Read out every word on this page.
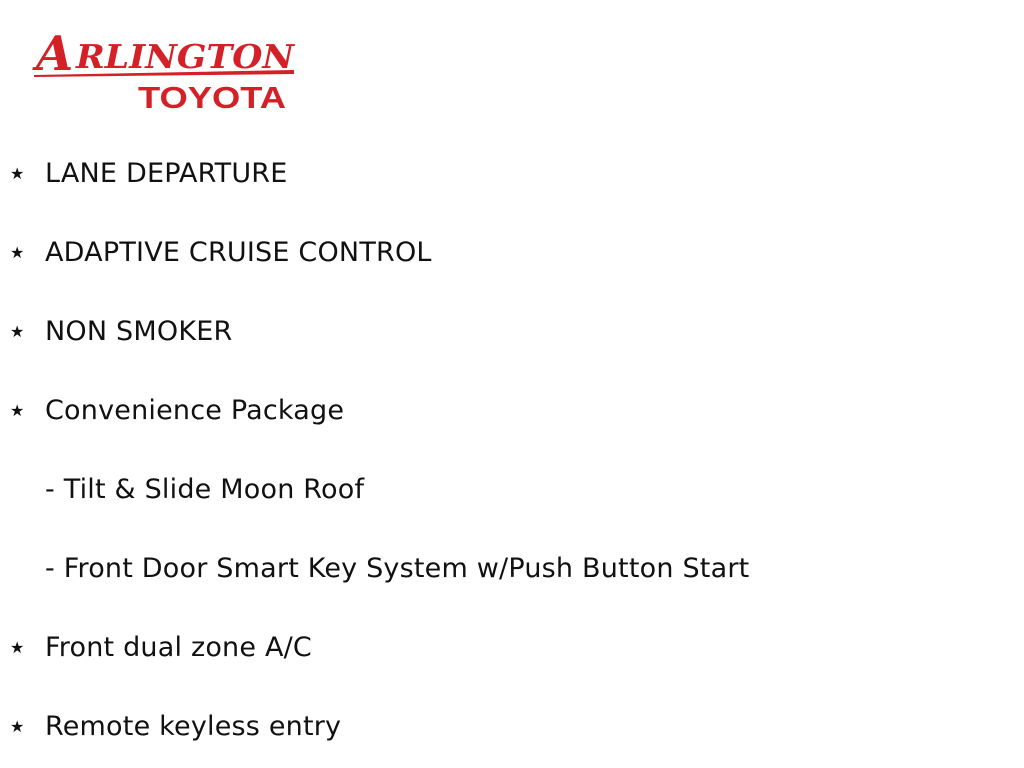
A RLINGTON
TOYOTA
★ LANE DEPARTURE
★ ADAPTIVE CRUISE CONTROL
★ NON SMOKER
★ Convenience Package
- Tilt & Slide Moon Roof
- Front Door Smart Key System w/Push Button Start
★ Front dual zone A/C
★ Remote keyless entry
